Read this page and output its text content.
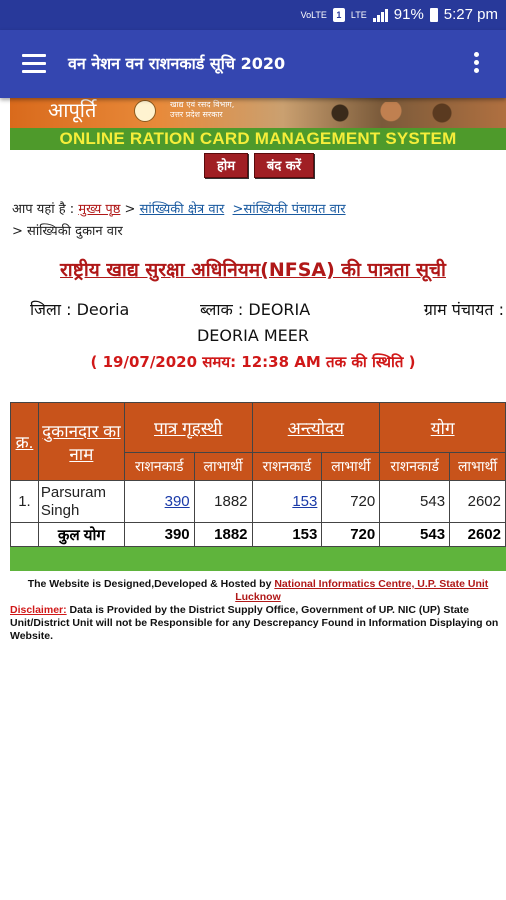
VoLTE	1	LTE 91% 5:27 pm
वन नेशन वन राशनकार्ड सूचि 2020
आपूर्ति	खाद्य एवं रसद विभाग,
उत्तर प्रदेश सरकार
ONLINE RATION CARD MANAGEMENT SYSTEM
होम	बंद करें
आप यहां है : मुख्य पृष्ठ > सांख्यिकी क्षेत्र वार >सांख्यिकी पंचायत वार
> सांख्यिकी दुकान वार
राष्ट्रीय खाद्य सुरक्षा अधिनियम(NFSA) की पात्रता सूची
जिला : Deoria	ब्लाक : DEORIA	ग्राम पंचायत :
DEORIA MEER
( 19/07/2020 समय: 12:38 AM तक की स्थिति )
क्र.	दुकानदार का नाम	पात्र गृहस्थी		अन्त्योदय		योग	
		राशनकार्ड	लाभार्थी	राशनकार्ड	लाभार्थी	राशनकार्ड	लाभार्थी
1.	Parsuram Singh	390	1882	153	720	543	2602
	कुल योग	390	1882	153	720	543	2602

The Website is Designed,Developed & Hosted by National Informatics Centre, U.P. State Unit Lucknow
Disclaimer: Data is Provided by the District Supply Office, Government of UP. NIC (UP) State Unit/District Unit will not be Responsible for any Descrepancy Found in Information Displaying on Website.
